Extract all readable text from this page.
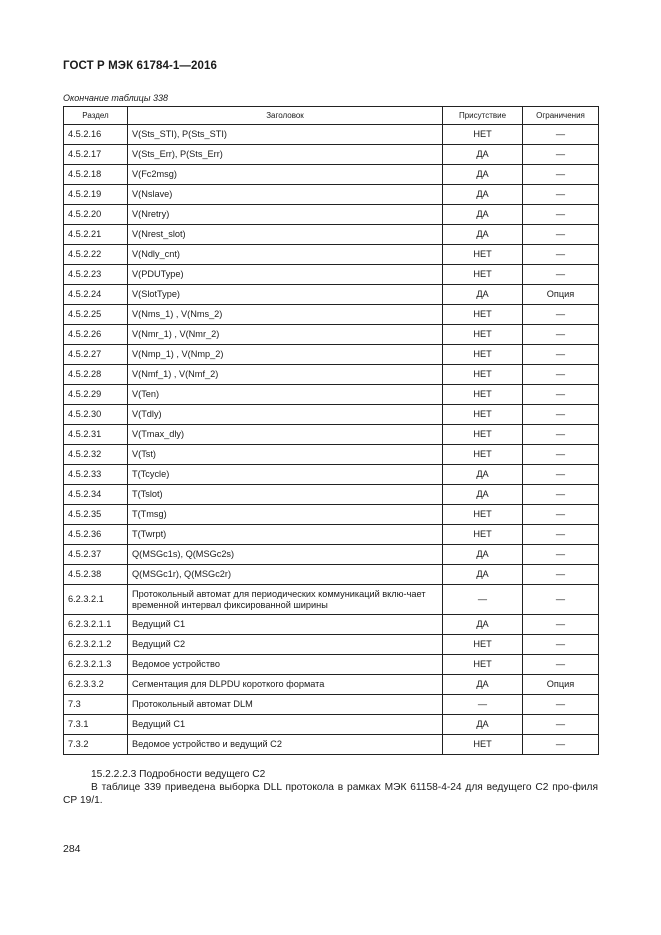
ГОСТ Р МЭК 61784-1—2016
Окончание таблицы 338
Раздел	Заголовок	Присутствие	Ограничения
4.5.2.16	V(Sts_STI), P(Sts_STI)	НЕТ	—
4.5.2.17	V(Sts_Err), P(Sts_Err)	ДА	—
4.5.2.18	V(Fc2msg)	ДА	—
4.5.2.19	V(Nslave)	ДА	—
4.5.2.20	V(Nretry)	ДА	—
4.5.2.21	V(Nrest_slot)	ДА	—
4.5.2.22	V(Ndly_cnt)	НЕТ	—
4.5.2.23	V(PDUType)	НЕТ	—
4.5.2.24	V(SlotType)	ДА	Опция
4.5.2.25	V(Nms_1) , V(Nms_2)	НЕТ	—
4.5.2.26	V(Nmr_1) , V(Nmr_2)	НЕТ	—
4.5.2.27	V(Nmp_1) , V(Nmp_2)	НЕТ	—
4.5.2.28	V(Nmf_1) , V(Nmf_2)	НЕТ	—
4.5.2.29	V(Ten)	НЕТ	—
4.5.2.30	V(Tdly)	НЕТ	—
4.5.2.31	V(Tmax_dly)	НЕТ	—
4.5.2.32	V(Tst)	НЕТ	—
4.5.2.33	T(Tcycle)	ДА	—
4.5.2.34	T(Tslot)	ДА	—
4.5.2.35	T(Tmsg)	НЕТ	—
4.5.2.36	T(Twrpt)	НЕТ	—
4.5.2.37	Q(MSGc1s), Q(MSGc2s)	ДА	—
4.5.2.38	Q(MSGc1r), Q(MSGc2r)	ДА	—
6.2.3.2.1	Протокольный автомат для периодических коммуникаций вклю-чает временной интервал фиксированной ширины	—	—
6.2.3.2.1.1	Ведущий С1	ДА	—
6.2.3.2.1.2	Ведущий С2	НЕТ	—
6.2.3.2.1.3	Ведомое устройство	НЕТ	—
6.2.3.3.2	Сегментация для DLPDU короткого формата	ДА	Опция
7.3	Протокольный автомат DLM	—	—
7.3.1	Ведущий С1	ДА	—
7.3.2	Ведомое устройство и ведущий С2	НЕТ	—
15.2.2.2.3 Подробности ведущего С2
В таблице 339 приведена выборка DLL протокола в рамках МЭК 61158-4-24 для ведущего С2 про-филя СР 19/1.
284
